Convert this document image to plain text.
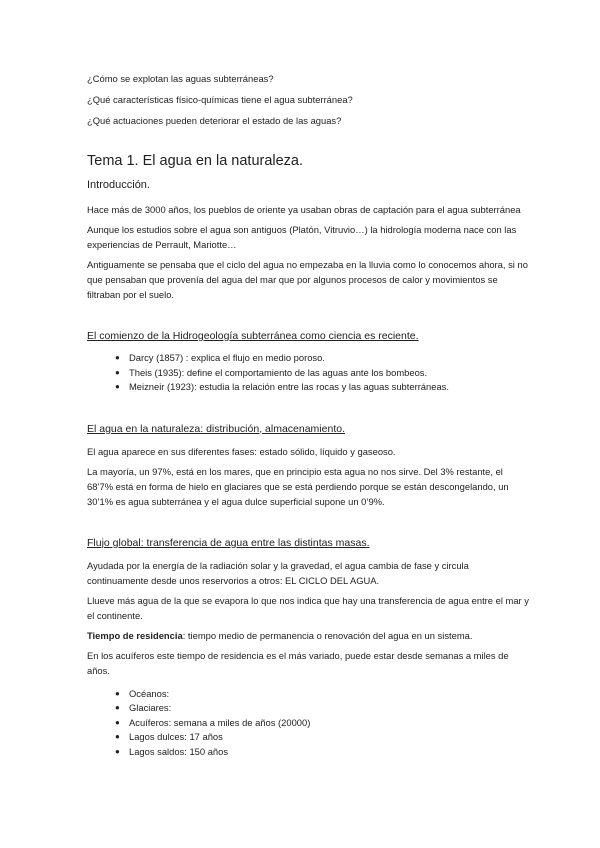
¿Cómo se explotan las aguas subterráneas?

¿Qué características físico-químicas tiene el agua subterránea?

¿Qué actuaciones pueden deteriorar el estado de las aguas?

Tema 1. El agua en la naturaleza.
Introducción.

Hace más de 3000 años, los pueblos de oriente ya usaban obras de captación para el agua subterránea

Aunque los estudios sobre el agua son antiguos (Platón, Vitruvio…) la hidrología moderna nace con las experiencias de Perrault, Mariotte…

Antiguamente se pensaba que el ciclo del agua no empezaba en la lluvia como lo conocemos ahora, si no que pensaban que provenía del agua del mar que por algunos procesos de calor y movimientos se filtraban por el suelo.

El comienzo de la Hidrogeología subterránea como ciencia es reciente.
● Darcy (1857) : explica el flujo en medio poroso.
● Theis (1935): define el comportamiento de las aguas ante los bombeos.
● Meizneir (1923): estudia la relación entre las rocas y las aguas subterráneas.
El agua en la naturaleza: distribución, almacenamiento.

El agua aparece en sus diferentes fases: estado sólido, líquido y gaseoso.

La mayoría, un 97%, está en los mares, que en principio esta agua no nos sirve. Del 3% restante, el 68’7% está en forma de hielo en glaciares que se está perdiendo porque se están descongelando, un 30’1% es agua subterránea y el agua dulce superficial supone un 0’9%.

Flujo global: transferencia de agua entre las distintas masas.

Ayudada por la energía de la radiación solar y la gravedad, el agua cambia de fase y circula continuamente desde unos reservorios a otros: EL CICLO DEL AGUA.

Llueve más agua de la que se evapora lo que nos indica que hay una transferencia de agua entre el mar y el continente.

Tiempo de residencia: tiempo medio de permanencia o renovación del agua en un sistema.

En los acuíferos este tiempo de residencia es el más variado, puede estar desde semanas a miles de años.

● Océanos:
● Glaciares:
● Acuíferos: semana a miles de años (20000)
● Lagos dulces: 17 años
● Lagos saldos: 150 años
